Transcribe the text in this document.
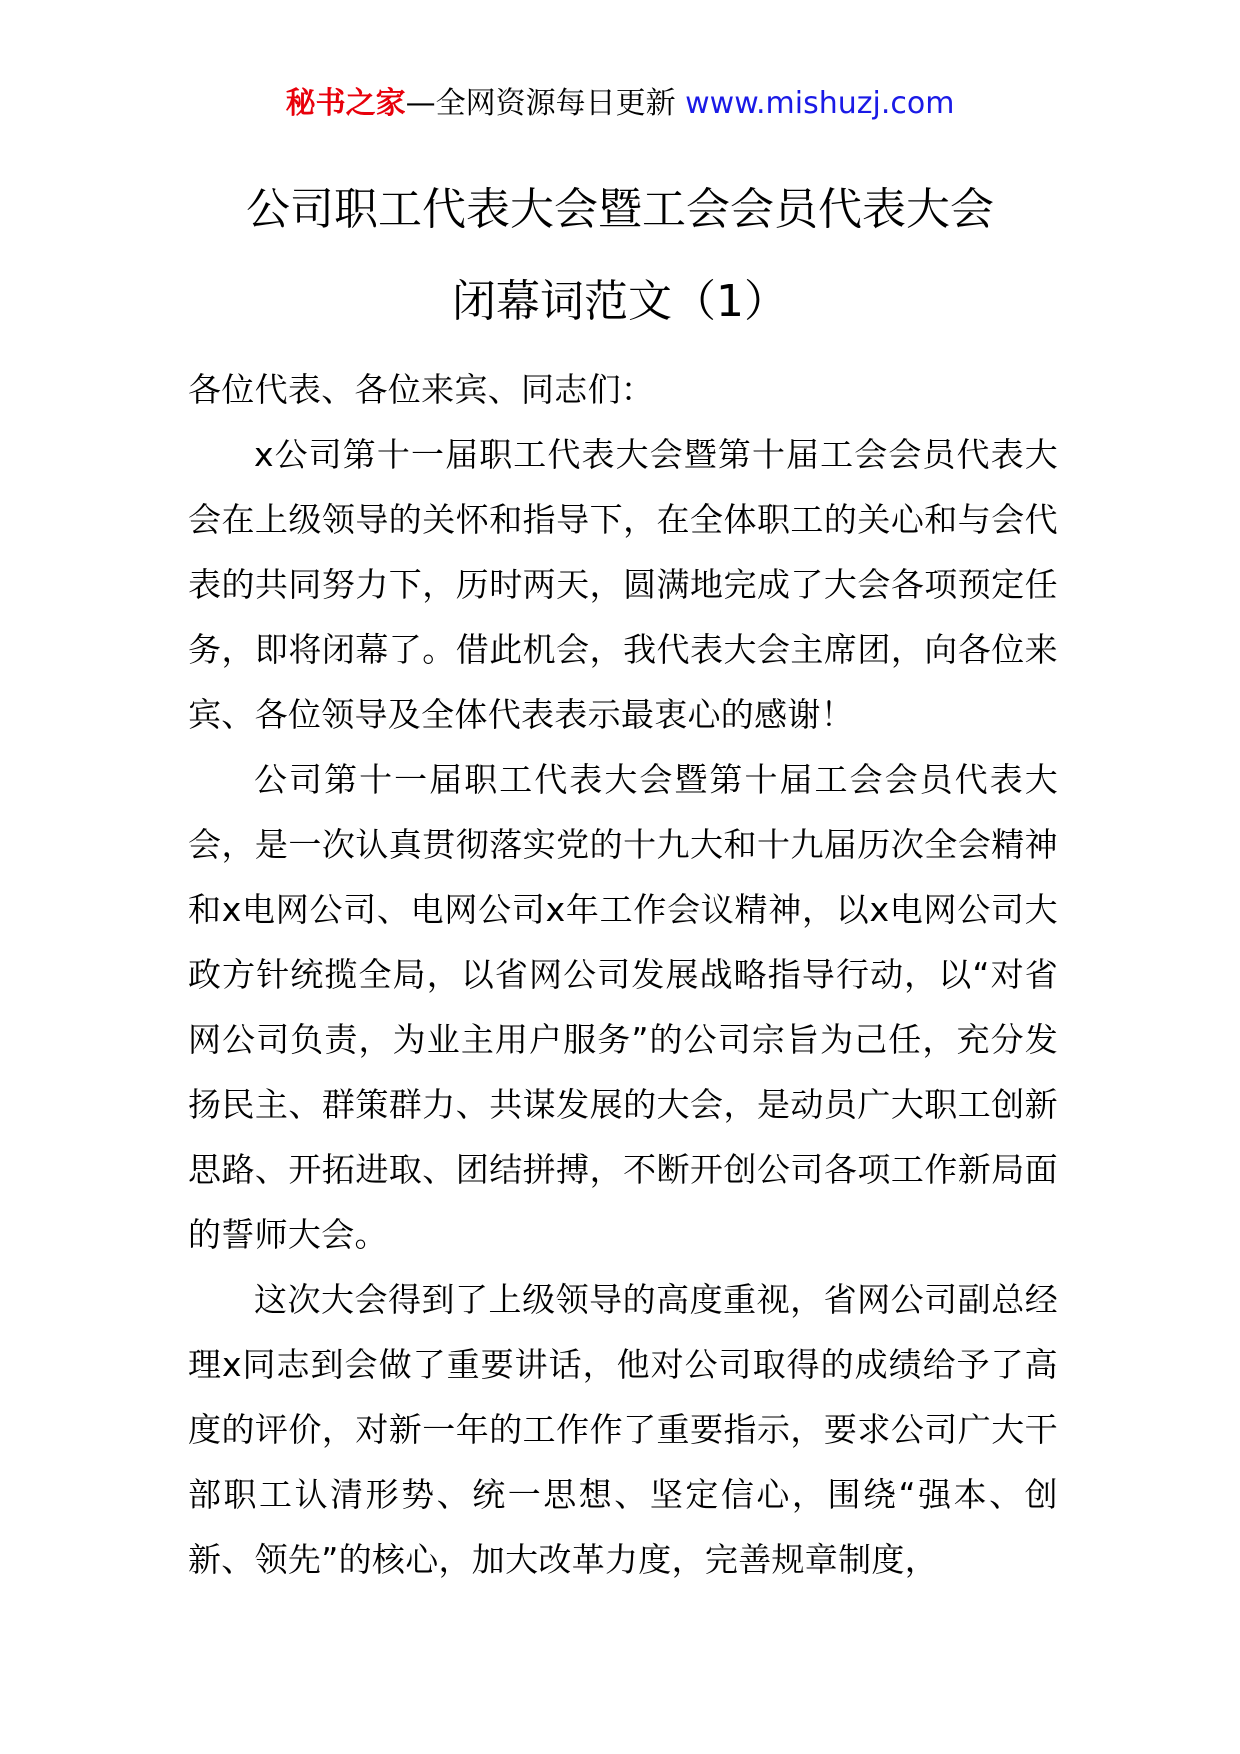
秘书之家—全网资源每日更新 www.mishuzj.com
公司职工代表大会暨工会会员代表大会
闭幕词范文（1）

各位代表、各位来宾、同志们：

x公司第十一届职工代表大会暨第十届工会会员代表大会在上级领导的关怀和指导下，在全体职工的关心和与会代表的共同努力下，历时两天，圆满地完成了大会各项预定任务，即将闭幕了。借此机会，我代表大会主席团，向各位来宾、各位领导及全体代表表示最衷心的感谢！

公司第十一届职工代表大会暨第十届工会会员代表大会，是一次认真贯彻落实党的十九大和十九届历次全会精神和x电网公司、电网公司x年工作会议精神，以x电网公司大政方针统揽全局，以省网公司发展战略指导行动，以“对省网公司负责，为业主用户服务”的公司宗旨为己任，充分发扬民主、群策群力、共谋发展的大会，是动员广大职工创新思路、开拓进取、团结拼搏，不断开创公司各项工作新局面的誓师大会。

这次大会得到了上级领导的高度重视，省网公司副总经理x同志到会做了重要讲话，他对公司取得的成绩给予了高度的评价，对新一年的工作作了重要指示，要求公司广大干部职工认清形势、统一思想、坚定信心，围绕“强本、创新、领先”的核心，加大改革力度，完善规章制度，
